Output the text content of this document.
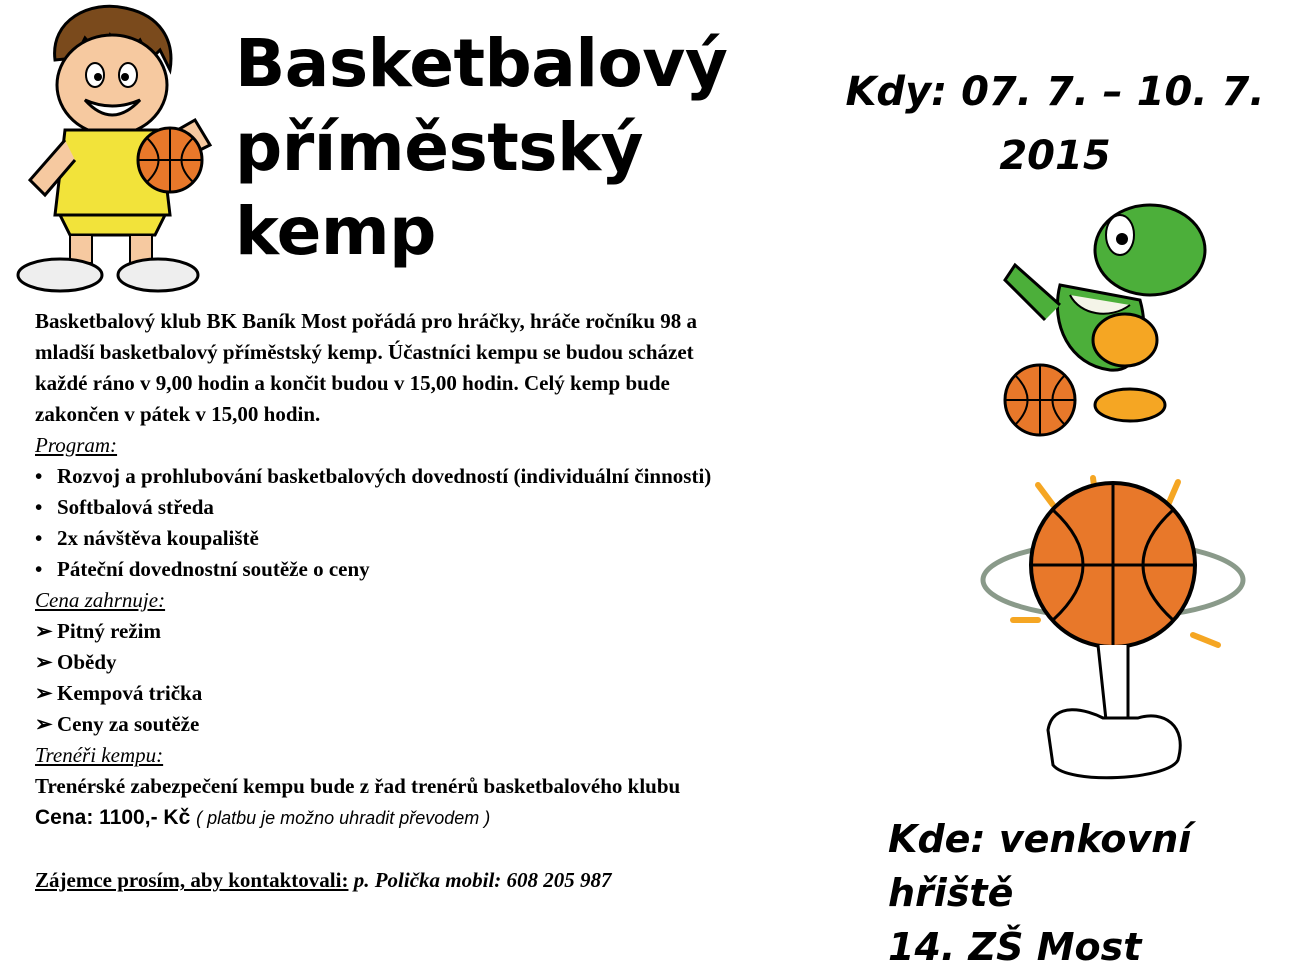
Basketbalový
příměstský
kemp
Kdy: 07. 7. – 10. 7.
2015

Basketbalový klub BK Baník Most pořádá pro hráčky, hráče ročníku 98 a

mladší basketbalový příměstský kemp. Účastníci kempu se budou scházet

každé ráno v 9,00 hodin a končit budou v 15,00 hodin. Celý kemp bude

zakončen v pátek v 15,00 hodin.

Program:

• Rozvoj a prohlubování basketbalových dovedností (individuální činnosti)
• Softbalová středa
• 2x návštěva koupaliště
• Páteční dovednostní soutěže o ceny

Cena zahrnuje:

➢ Pitný režim
➢ Obědy
➢ Kempová trička
➢ Ceny za soutěže

Trenéři kempu:

Trenérské zabezpečení kempu bude z řad trenérů basketbalového klubu

Cena: 1100,- Kč ( platbu je možno uhradit převodem )

Zájemce prosím, aby kontaktovali: p. Polička mobil: 608 205 987

Kde: venkovní
hřiště
14. ZŠ Most
